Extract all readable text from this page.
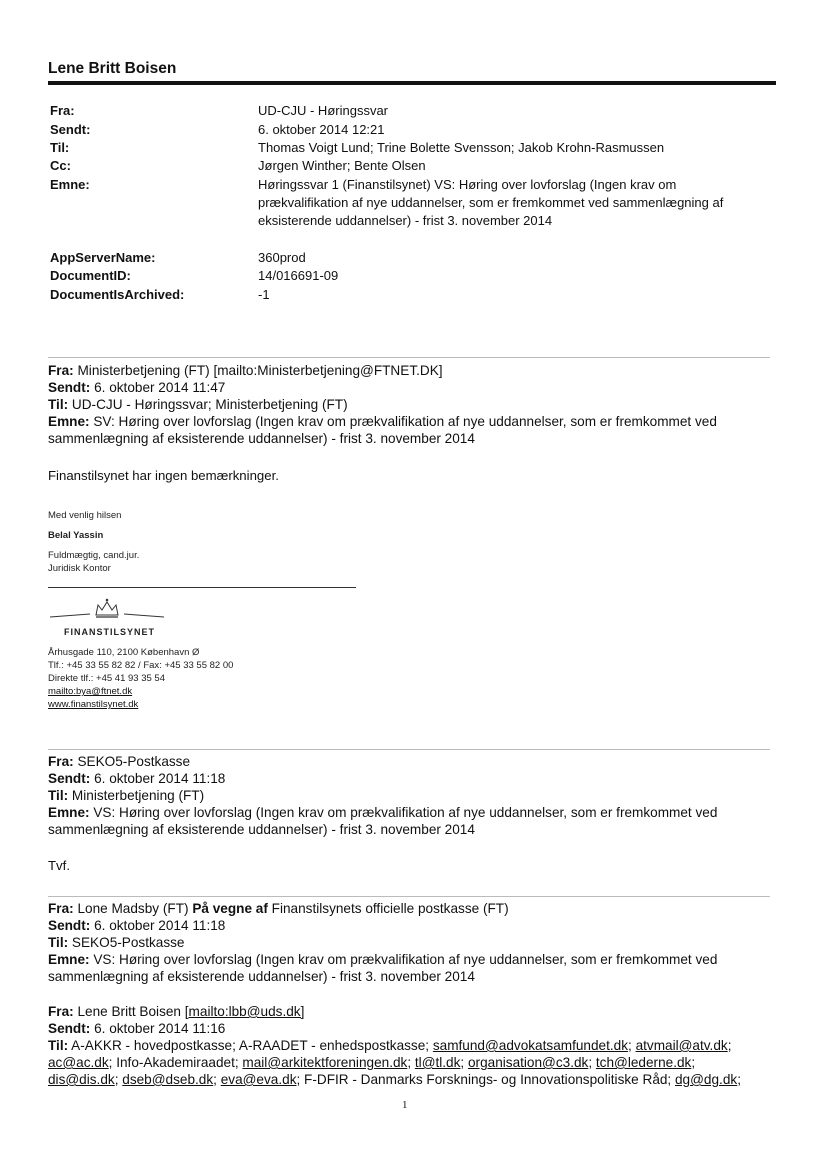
Lene Britt Boisen
Fra:	UD-CJU - Høringssvar
Sendt:	6. oktober 2014 12:21
Til:	Thomas Voigt Lund; Trine Bolette Svensson; Jakob Krohn-Rasmussen
Cc:	Jørgen Winther; Bente Olsen
Emne:	Høringssvar 1 (Finanstilsynet) VS: Høring over lovforslag (Ingen krav om
prækvalifikation af nye uddannelser, som er fremkommet ved sammenlægning af
eksisterende uddannelser) - frist 3. november 2014
AppServerName:	360prod
DocumentID:	14/016691-09
DocumentIsArchived:	-1
Fra: Ministerbetjening (FT) [mailto:Ministerbetjening@FTNET.DK]
Sendt: 6. oktober 2014 11:47
Til: UD-CJU - Høringssvar; Ministerbetjening (FT)
Emne: SV: Høring over lovforslag (Ingen krav om prækvalifikation af nye uddannelser, som er fremkommet ved
sammenlægning af eksisterende uddannelser) - frist 3. november 2014
Finanstilsynet har ingen bemærkninger.
Med venlig hilsen
Belal Yassin
Fuldmægtig, cand.jur.
Juridisk Kontor
FINANSTILSYNET
Århusgade 110, 2100 København Ø
Tlf.: +45 33 55 82 82 / Fax: +45 33 55 82 00
Direkte tlf.: +45 41 93 35 54
mailto:bya@ftnet.dk
www.finanstilsynet.dk
Fra: SEKO5-Postkasse
Sendt: 6. oktober 2014 11:18
Til: Ministerbetjening (FT)
Emne: VS: Høring over lovforslag (Ingen krav om prækvalifikation af nye uddannelser, som er fremkommet ved
sammenlægning af eksisterende uddannelser) - frist 3. november 2014
Tvf.
Fra: Lone Madsby (FT) På vegne af Finanstilsynets officielle postkasse (FT)
Sendt: 6. oktober 2014 11:18
Til: SEKO5-Postkasse
Emne: VS: Høring over lovforslag (Ingen krav om prækvalifikation af nye uddannelser, som er fremkommet ved
sammenlægning af eksisterende uddannelser) - frist 3. november 2014
Fra: Lene Britt Boisen [mailto:lbb@uds.dk]
Sendt: 6. oktober 2014 11:16
Til: A-AKKR - hovedpostkasse; A-RAADET - enhedspostkasse; samfund@advokatsamfundet.dk; atvmail@atv.dk;
ac@ac.dk; Info-Akademiraadet; mail@arkitektforeningen.dk; tl@tl.dk; organisation@c3.dk; tch@lederne.dk;
dis@dis.dk; dseb@dseb.dk; eva@eva.dk; F-DFIR - Danmarks Forsknings- og Innovationspolitiske Råd; dg@dg.dk;
1
